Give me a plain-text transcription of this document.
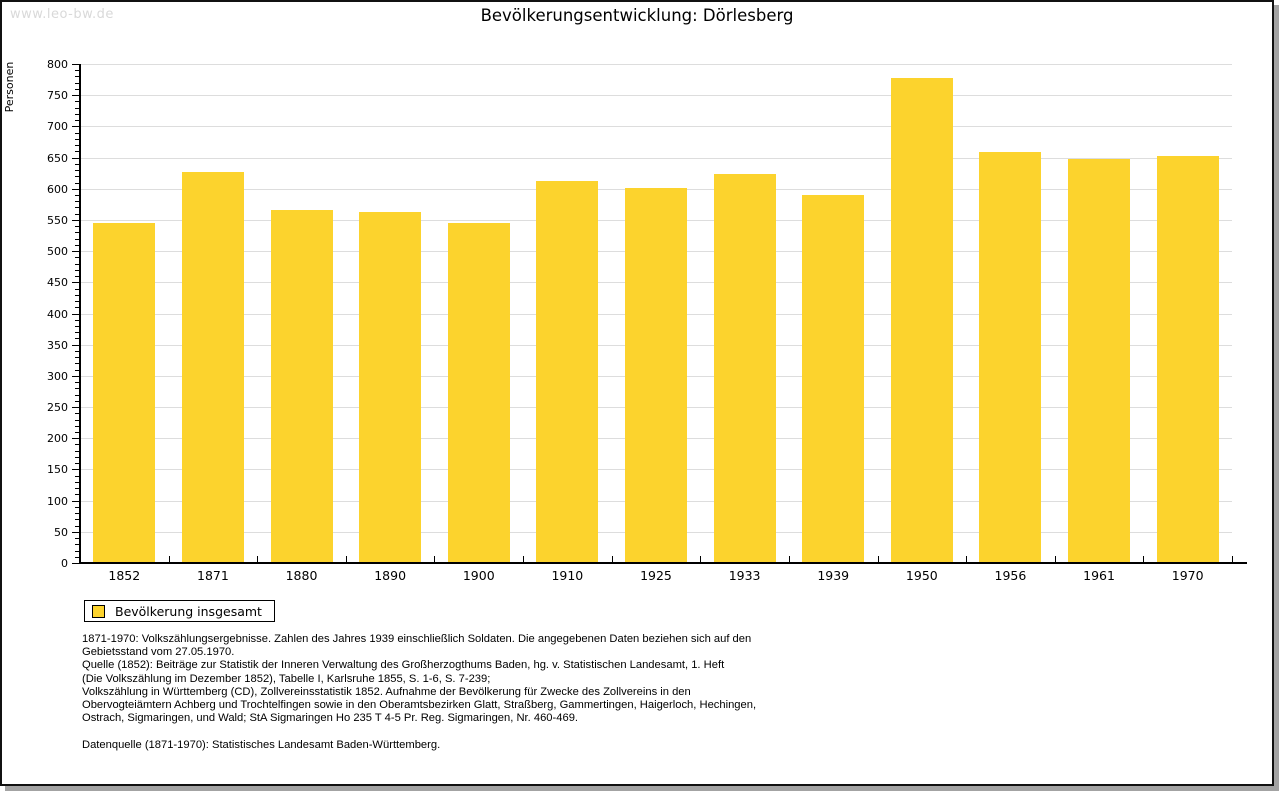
www.leo-bw.de	Bevölkerungsentwicklung: Dörlesberg
Personen
0
50
100
150
200
250
300
350
400
450
500
550
600
650
700
750
800
1852	1871	1880	1890	1900	1910	1925	1933	1939	1950	1956	1961	1970
Bevölkerung insgesamt
1871-1970: Volkszählungsergebnisse. Zahlen des Jahres 1939 einschließlich Soldaten. Die angegebenen Daten beziehen sich auf den
Gebietsstand vom 27.05.1970.
Quelle (1852): Beiträge zur Statistik der Inneren Verwaltung des Großherzogthums Baden, hg. v. Statistischen Landesamt, 1. Heft
(Die Volkszählung im Dezember 1852), Tabelle I, Karlsruhe 1855, S. 1-6, S. 7-239;
Volkszählung in Württemberg (CD), Zollvereinsstatistik 1852. Aufnahme der Bevölkerung für Zwecke des Zollvereins in den
Obervogteiämtern Achberg und Trochtelfingen sowie in den Oberamtsbezirken Glatt, Straßberg, Gammertingen, Haigerloch, Hechingen,
Ostrach, Sigmaringen, und Wald; StA Sigmaringen Ho 235 T 4-5 Pr. Reg. Sigmaringen, Nr. 460-469.
Datenquelle (1871-1970): Statistisches Landesamt Baden-Württemberg.
